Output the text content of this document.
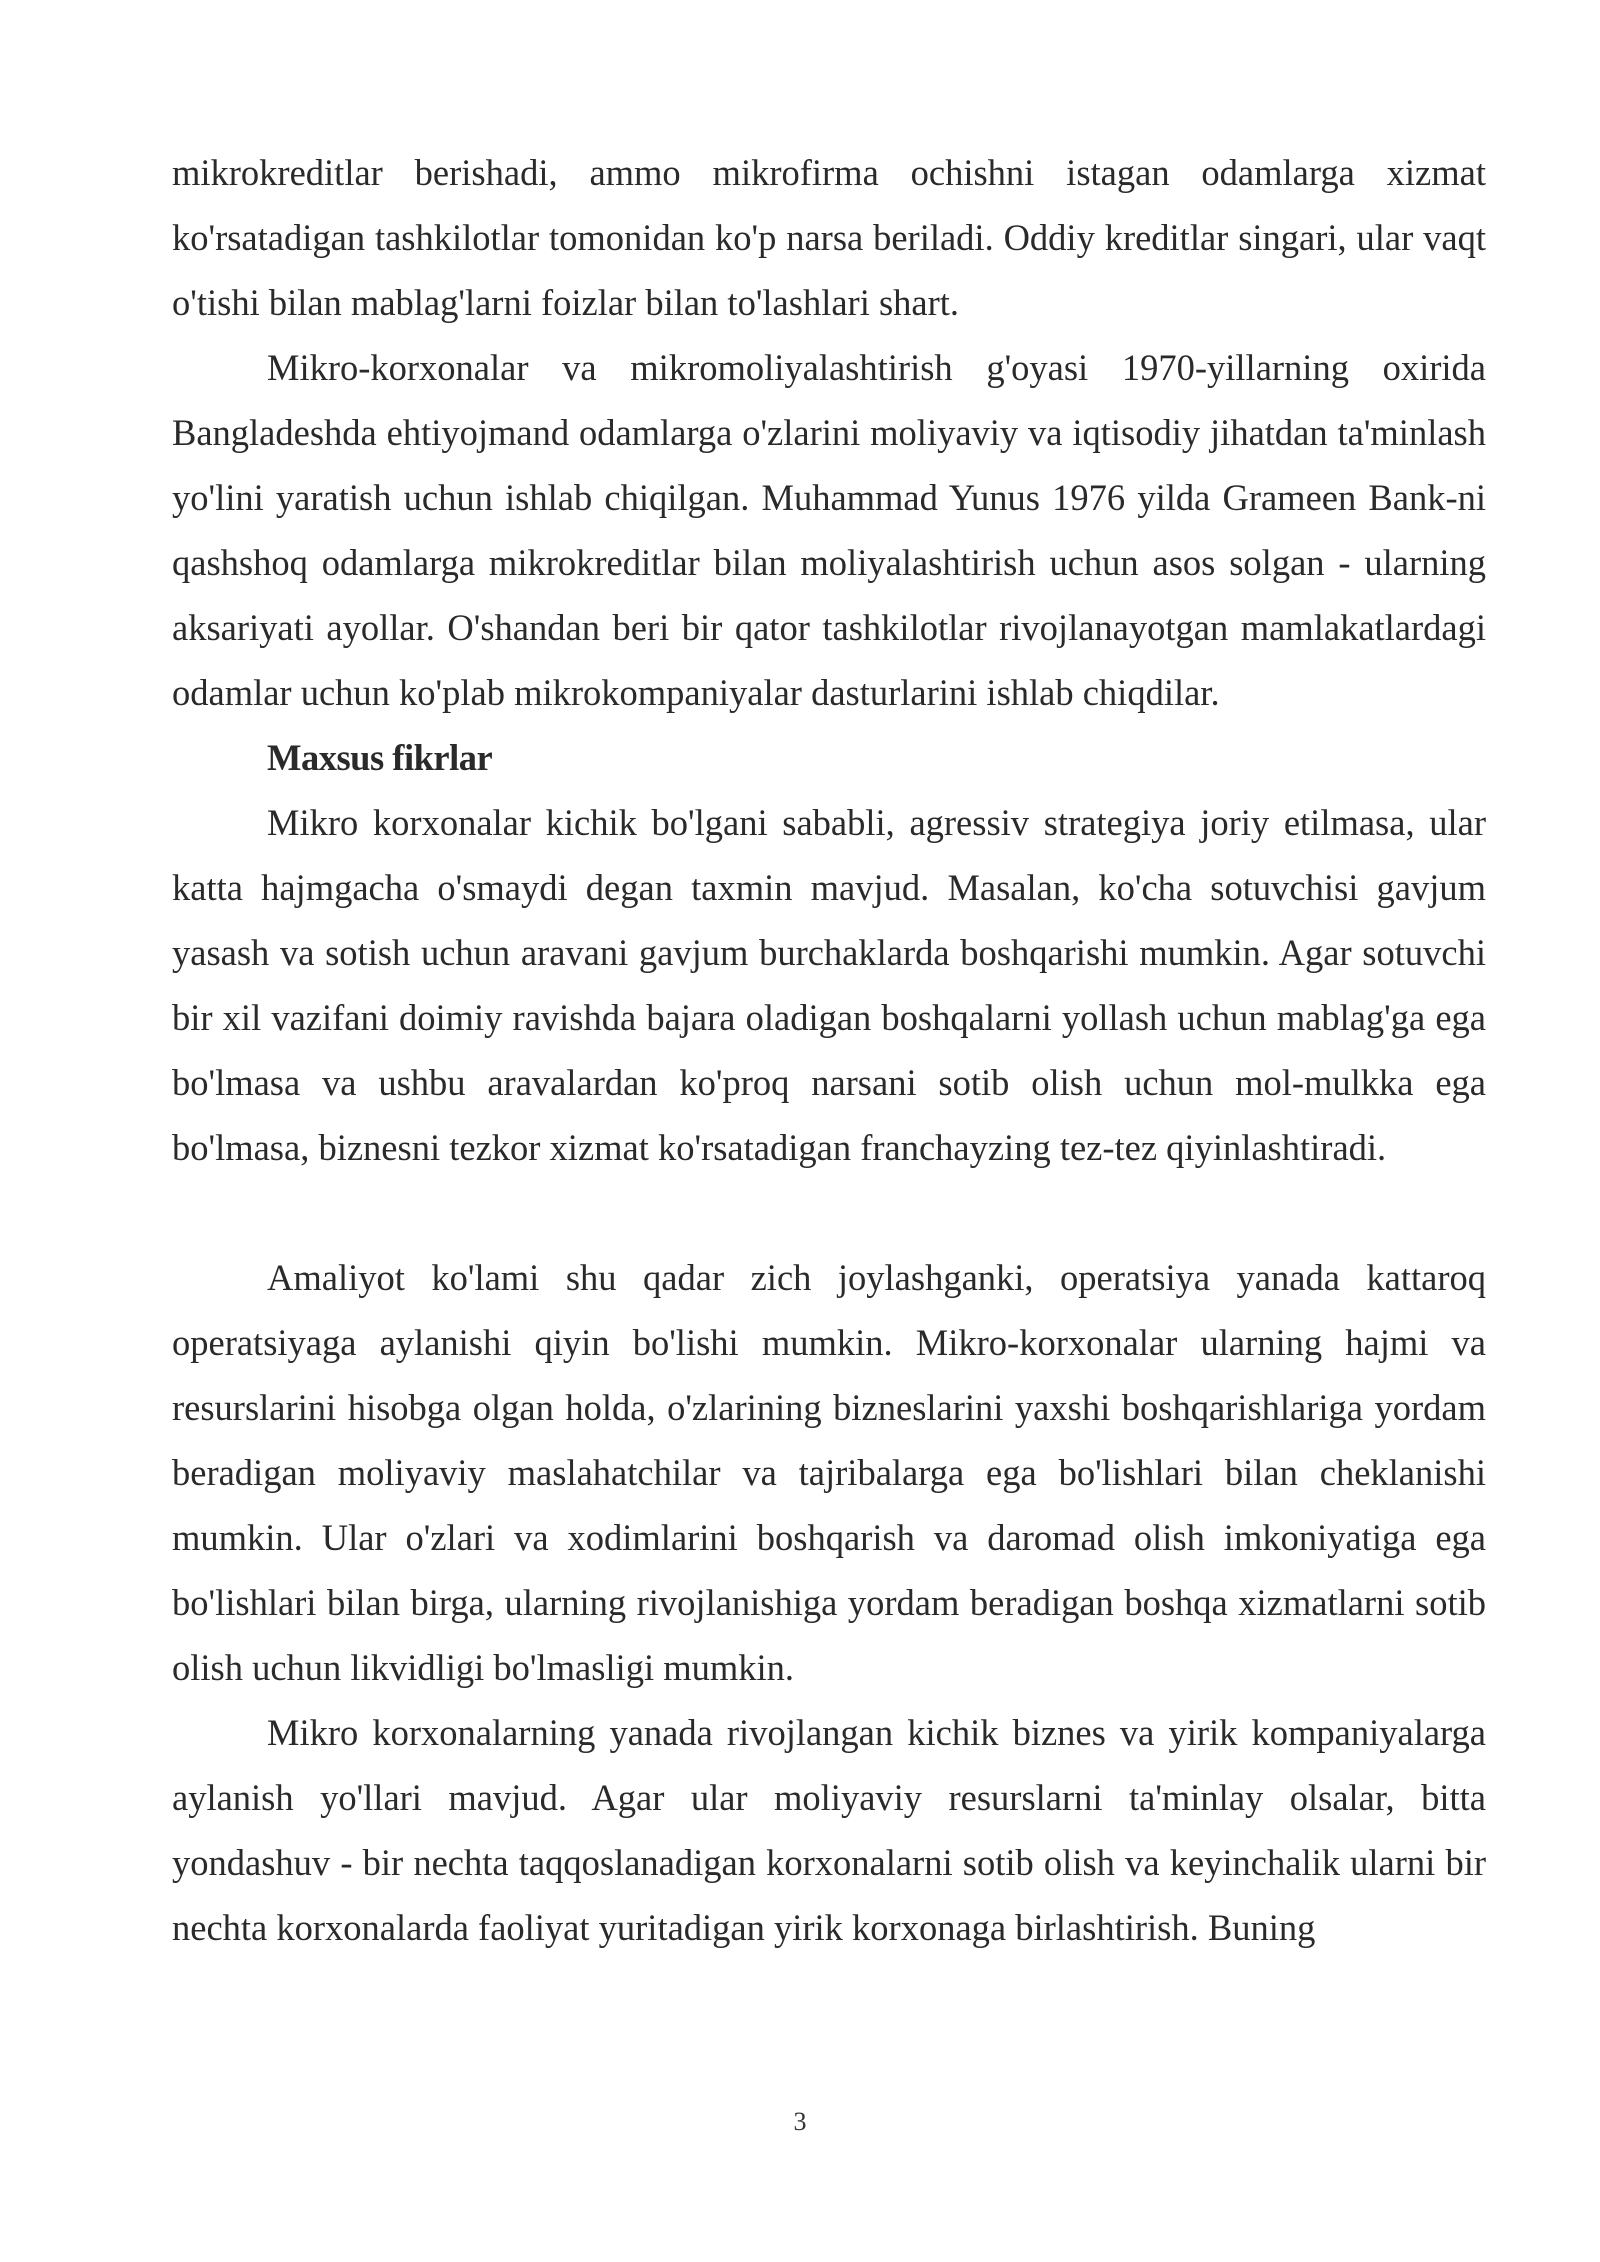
mikrokreditlar berishadi, ammo mikrofirma ochishni istagan odamlarga xizmat ko'rsatadigan tashkilotlar tomonidan ko'p narsa beriladi. Oddiy kreditlar singari, ular vaqt o'tishi bilan mablag'larni foizlar bilan to'lashlari shart.

Mikro-korxonalar va mikromoliyalashtirish g'oyasi 1970-yillarning oxirida Bangladeshda ehtiyojmand odamlarga o'zlarini moliyaviy va iqtisodiy jihatdan ta'minlash yo'lini yaratish uchun ishlab chiqilgan. Muhammad Yunus 1976 yilda Grameen Bank-ni qashshoq odamlarga mikrokreditlar bilan moliyalashtirish uchun asos solgan - ularning aksariyati ayollar. O'shandan beri bir qator tashkilotlar rivojlanayotgan mamlakatlardagi odamlar uchun ko'plab mikrokompaniyalar dasturlarini ishlab chiqdilar.

Maxsus fikrlar

Mikro korxonalar kichik bo'lgani sababli, agressiv strategiya joriy etilmasa, ular katta hajmgacha o'smaydi degan taxmin mavjud. Masalan, ko'cha sotuvchisi gavjum yasash va sotish uchun aravani gavjum burchaklarda boshqarishi mumkin. Agar sotuvchi bir xil vazifani doimiy ravishda bajara oladigan boshqalarni yollash uchun mablag'ga ega bo'lmasa va ushbu aravalardan ko'proq narsani sotib olish uchun mol-mulkka ega bo'lmasa, biznesni tezkor xizmat ko'rsatadigan franchayzing tez-tez qiyinlashtiradi.

Amaliyot ko'lami shu qadar zich joylashganki, operatsiya yanada kattaroq operatsiyaga aylanishi qiyin bo'lishi mumkin. Mikro-korxonalar ularning hajmi va resurslarini hisobga olgan holda, o'zlarining bizneslarini yaxshi boshqarishlariga yordam beradigan moliyaviy maslahatchilar va tajribalarga ega bo'lishlari bilan cheklanishi mumkin. Ular o'zlari va xodimlarini boshqarish va daromad olish imkoniyatiga ega bo'lishlari bilan birga, ularning rivojlanishiga yordam beradigan boshqa xizmatlarni sotib olish uchun likvidligi bo'lmasligi mumkin.

Mikro korxonalarning yanada rivojlangan kichik biznes va yirik kompaniyalarga aylanish yo'llari mavjud. Agar ular moliyaviy resurslarni ta'minlay olsalar, bitta yondashuv - bir nechta taqqoslanadigan korxonalarni sotib olish va keyinchalik ularni bir nechta korxonalarda faoliyat yuritadigan yirik korxonaga birlashtirish. Buning

3
